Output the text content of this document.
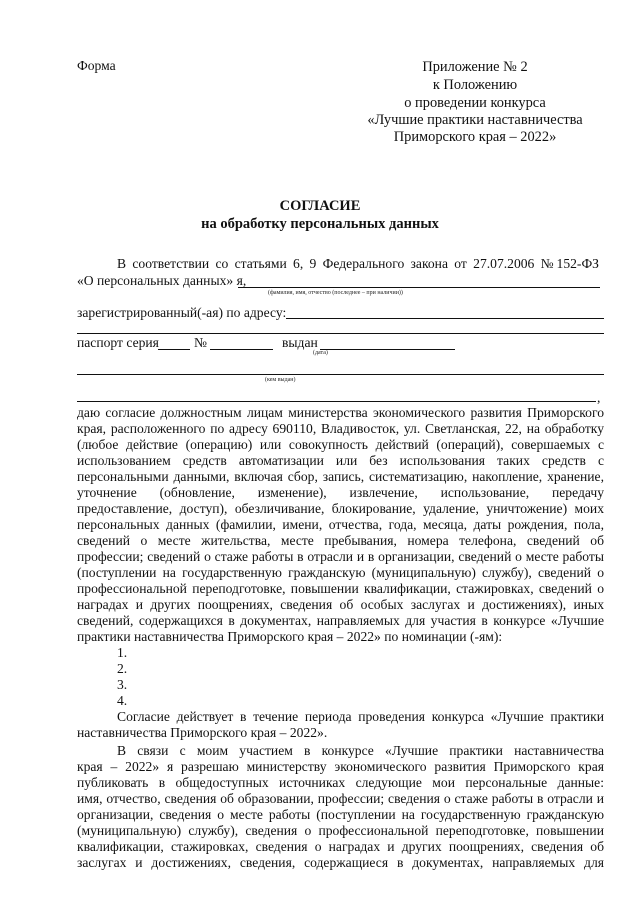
Форма	Приложение № 2
к Положению
о проведении конкурса
«Лучшие практики наставничества
Приморского края – 2022»
СОГЛАСИЕ
на обработку персональных данных
В соответствии со статьями 6, 9 Федерального закона от 27.07.2006 №152-ФЗ
«О персональных данных» я,
(фамилия, имя, отчество (последнее – при наличии))
зарегистрированный(-ая) по адресу:
паспорт серия	№	выдан
(дата)
(кем выдан)
,
даю согласие должностным лицам министерства экономического развития Приморского
края, расположенного по адресу 690110, Владивосток, ул. Светланская, 22, на обработку
(любое действие (операцию) или совокупность действий (операций), совершаемых с
использованием средств автоматизации или без использования таких средств с
персональными данными, включая сбор, запись, систематизацию, накопление, хранение,
уточнение (обновление, изменение), извлечение, использование, передачу
предоставление, доступ), обезличивание, блокирование, удаление, уничтожение) моих
персональных данных (фамилии, имени, отчества, года, месяца, даты рождения, пола,
сведений о месте жительства, месте пребывания, номера телефона, сведений об
профессии; сведений о стаже работы в отрасли и в организации, сведений о месте работы
(поступлении на государственную гражданскую (муниципальную) службу), сведений о
профессиональной переподготовке, повышении квалификации, стажировках, сведений о
наградах и других поощрениях, сведения об особых заслугах и достижениях), иных
сведений, содержащихся в документах, направляемых для участия в конкурсе «Лучшие
практики наставничества Приморского края – 2022» по номинации (-ям):
1.
2.
3.
4.
Согласие действует в течение периода проведения конкурса «Лучшие практики
наставничества Приморского края – 2022».
В связи с моим участием в конкурсе «Лучшие практики наставничества
края – 2022» я разрешаю министерству экономического развития Приморского края
публиковать в общедоступных источниках следующие мои персональные данные:
имя, отчество, сведения об образовании, профессии; сведения о стаже работы в отрасли и
организации, сведения о месте работы (поступлении на государственную гражданскую
(муниципальную) службу), сведения о профессиональной переподготовке, повышении
квалификации, стажировках, сведения о наградах и других поощрениях, сведения об
заслугах и достижениях, сведения, содержащиеся в документах, направляемых для
